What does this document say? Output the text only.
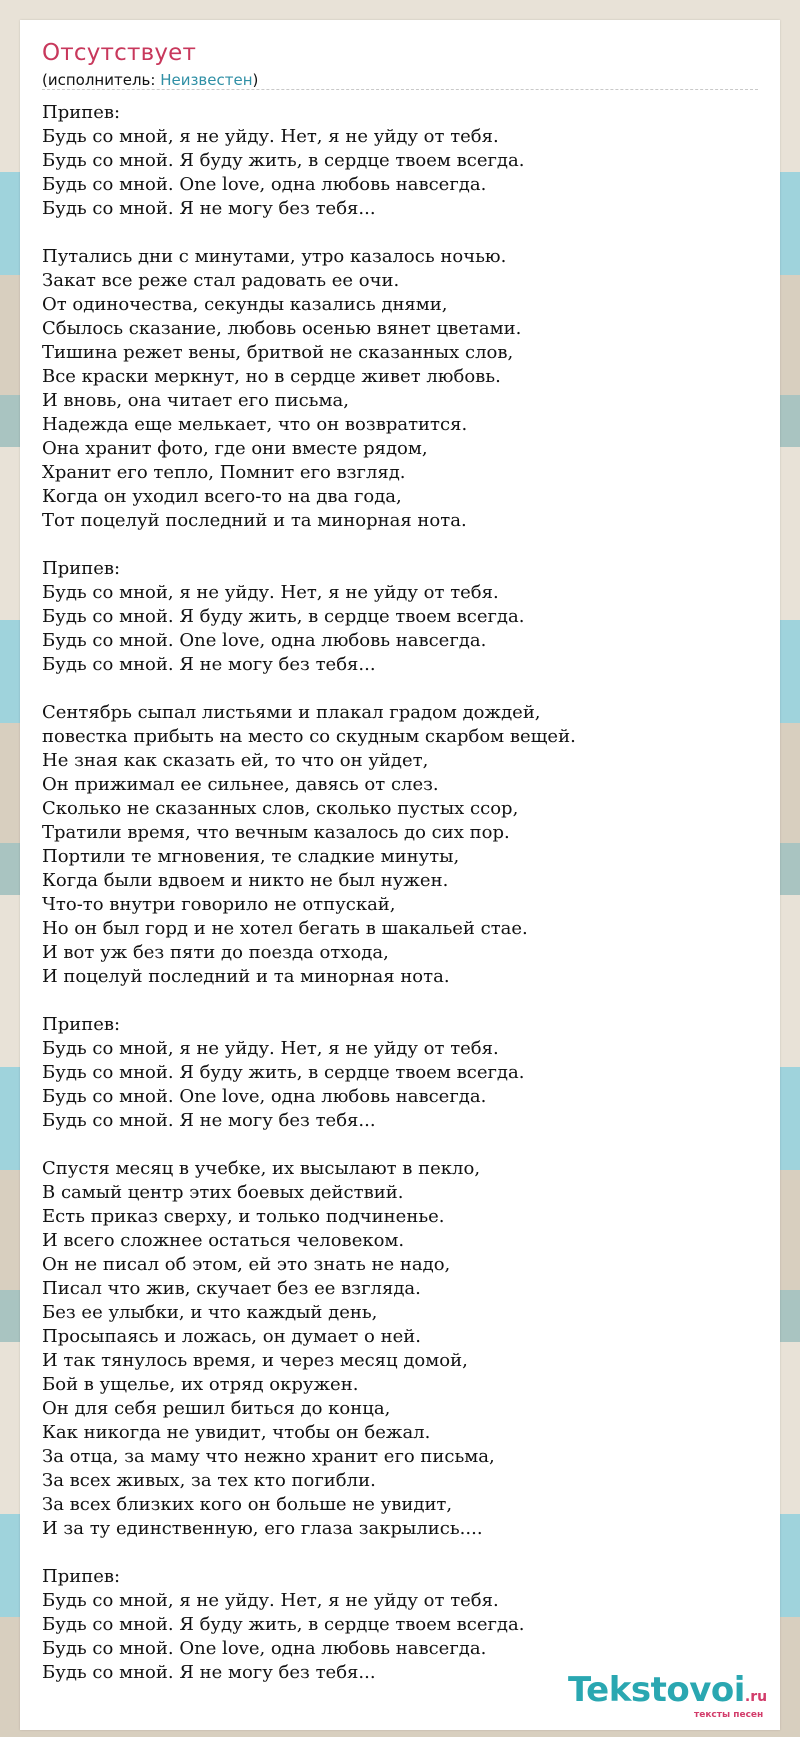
Отсутствует
(исполнитель: Неизвестен)
Припев:
Будь со мной, я не уйду. Нет, я не уйду от тебя.
Будь со мной. Я буду жить, в сердце твоем всегда.
Будь со мной. One love, одна любовь навсегда.
Будь со мной. Я не могу без тебя...

Путались дни с минутами, утро казалось ночью.
Закат все реже стал радовать ее очи.
От одиночества, секунды казались днями,
Сбылось сказание, любовь осенью вянет цветами.
Тишина режет вены, бритвой не сказанных слов,
Все краски меркнут, но в сердце живет любовь.
И вновь, она читает его письма,
Надежда еще мелькает, что он возвратится.
Она хранит фото, где они вместе рядом,
Хранит его тепло, Помнит его взгляд.
Когда он уходил всего-то на два года,
Тот поцелуй последний и та минорная нота.

Припев:
Будь со мной, я не уйду. Нет, я не уйду от тебя.
Будь со мной. Я буду жить, в сердце твоем всегда.
Будь со мной. One love, одна любовь навсегда.
Будь со мной. Я не могу без тебя...

Сентябрь сыпал листьями и плакал градом дождей,
повестка прибыть на место со скудным скарбом вещей.
Не зная как сказать ей, то что он уйдет,
Он прижимал ее сильнее, давясь от слез.
Сколько не сказанных слов, сколько пустых ссор,
Тратили время, что вечным казалось до сих пор.
Портили те мгновения, те сладкие минуты,
Когда были вдвоем и никто не был нужен.
Что-то внутри говорило не отпускай,
Но он был горд и не хотел бегать в шакальей стае.
И вот уж без пяти до поезда отхода,
И поцелуй последний и та минорная нота.

Припев:
Будь со мной, я не уйду. Нет, я не уйду от тебя.
Будь со мной. Я буду жить, в сердце твоем всегда.
Будь со мной. One love, одна любовь навсегда.
Будь со мной. Я не могу без тебя...

Спустя месяц в учебке, их высылают в пекло,
В самый центр этих боевых действий.
Есть приказ сверху, и только подчиненье.
И всего сложнее остаться человеком.
Он не писал об этом, ей это знать не надо,
Писал что жив, скучает без ее взгляда.
Без ее улыбки, и что каждый день,
Просыпаясь и ложась, он думает о ней.
И так тянулось время, и через месяц домой,
Бой в ущелье, их отряд окружен.
Он для себя решил биться до конца,
Как никогда не увидит, чтобы он бежал.
За отца, за маму что нежно хранит его письма,
За всех живых, за тех кто погибли.
За всех близких кого он больше не увидит,
И за ту единственную, его глаза закрылись....

Припев:
Будь со мной, я не уйду. Нет, я не уйду от тебя.
Будь со мной. Я буду жить, в сердце твоем всегда.
Будь со мной. One love, одна любовь навсегда.
Будь со мной. Я не могу без тебя...	Tekstovoi.ru
тексты песен
